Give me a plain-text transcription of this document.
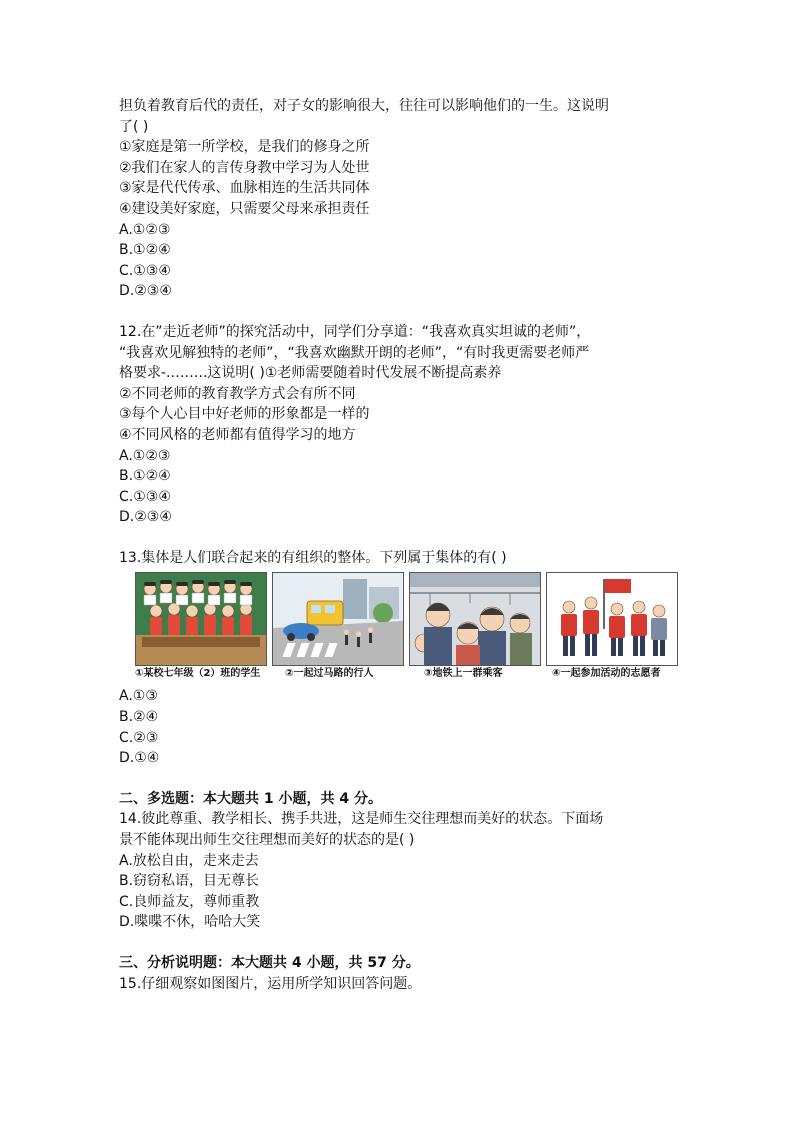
担负着教育后代的责任，对子女的影响很大，往往可以影响他们的一生。这说明
了( )
①家庭是第一所学校，是我们的修身之所
②我们在家人的言传身教中学习为人处世
③家是代代传承、血脉相连的生活共同体
④建设美好家庭，只需要父母来承担责任
A.①②③
B.①②④
C.①③④
D.②③④
12.在”走近老师”的探究活动中，同学们分享道：“我喜欢真实坦诚的老师”，
“我喜欢见解独特的老师”，“我喜欢幽默开朗的老师”，“有时我更需要老师严
格要求-.……..这说明( )①老师需要随着时代发展不断提高素养
②不同老师的教育教学方式会有所不同
③每个人心目中好老师的形象都是一样的
④不同风格的老师都有值得学习的地方
A.①②③
B.①②④
C.①③④
D.②③④
13.集体是人们联合起来的有组织的整体。下列属于集体的有( )
①某校七年级（2）班的学生	②一起过马路的行人	③地铁上一群乘客	④一起参加活动的志愿者
A.①③
B.②④
C.②③
D.①④
二、多选题：本大题共 1 小题，共 4 分。
14.彼此尊重、教学相长、携手共进，这是师生交往理想而美好的状态。下面场
景不能体现出师生交往理想而美好的状态的是( )
A.放松自由，走来走去
B.窃窃私语，目无尊长
C.良师益友，尊师重教
D.喋喋不休，哈哈大笑
三、分析说明题：本大题共 4 小题，共 57 分。
15.仔细观察如图图片，运用所学知识回答问题。
